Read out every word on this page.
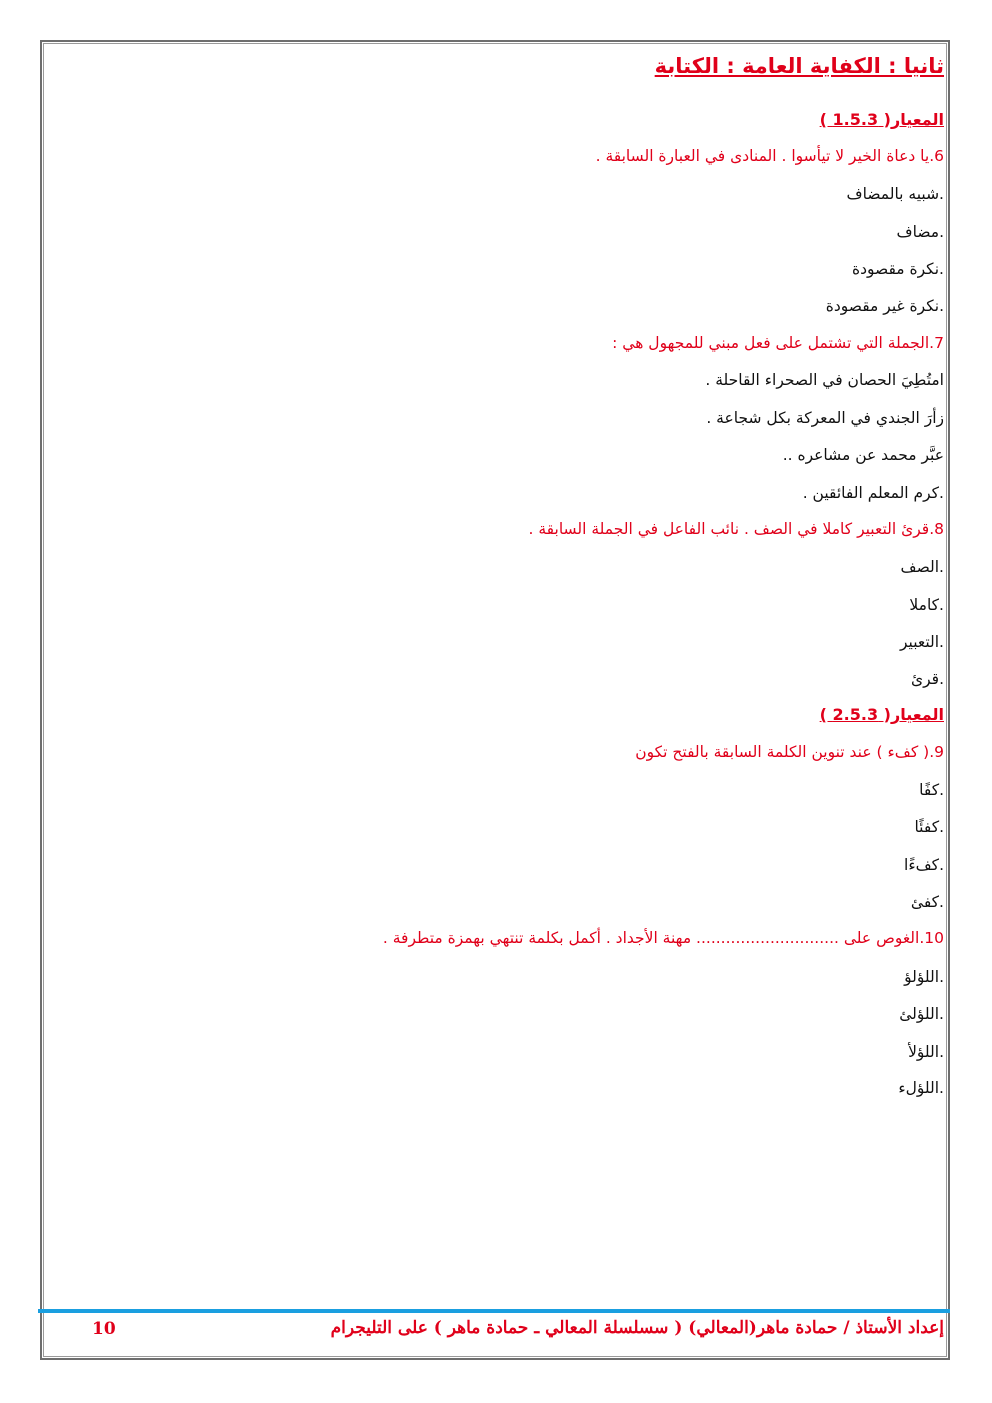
ثانيا : الكفاية العامة : الكتابة
المعيار( 1.5.3 )
6.يا دعاة الخير لا تيأسوا . المنادى في العبارة السابقة .
.شبيه بالمضاف
.مضاف
.نكرة مقصودة
.نكرة غير مقصودة
7.الجملة التي تشتمل على فعل مبني للمجهول هي :
امتُطِيَ الحصان في الصحراء القاحلة .
زأرَ الجندي في المعركة بكل شجاعة .
عبَّر محمد عن مشاعره ..
.كرم المعلم الفائقين .
8.قرئ التعبير كاملا في الصف . نائب الفاعل في الجملة السابقة .
.الصف
.كاملا
.التعبير
.قرئ
المعيار( 2.5.3 )
9.( كفء ) عند تنوين الكلمة السابقة بالفتح تكون
.كفًا
.كفئًا
.كفءًا
.كفئ
10.الغوص على ............................. مهنة الأجداد . أكمل بكلمة تنتهي بهمزة متطرفة .
.اللؤلؤ
.اللؤلئ
.اللؤلأ
.اللؤلء
إعداد الأستاذ / حمادة ماهر(المعالي) ( سسلسلة المعالي ـ حمادة ماهر ) على التليجرام
10
